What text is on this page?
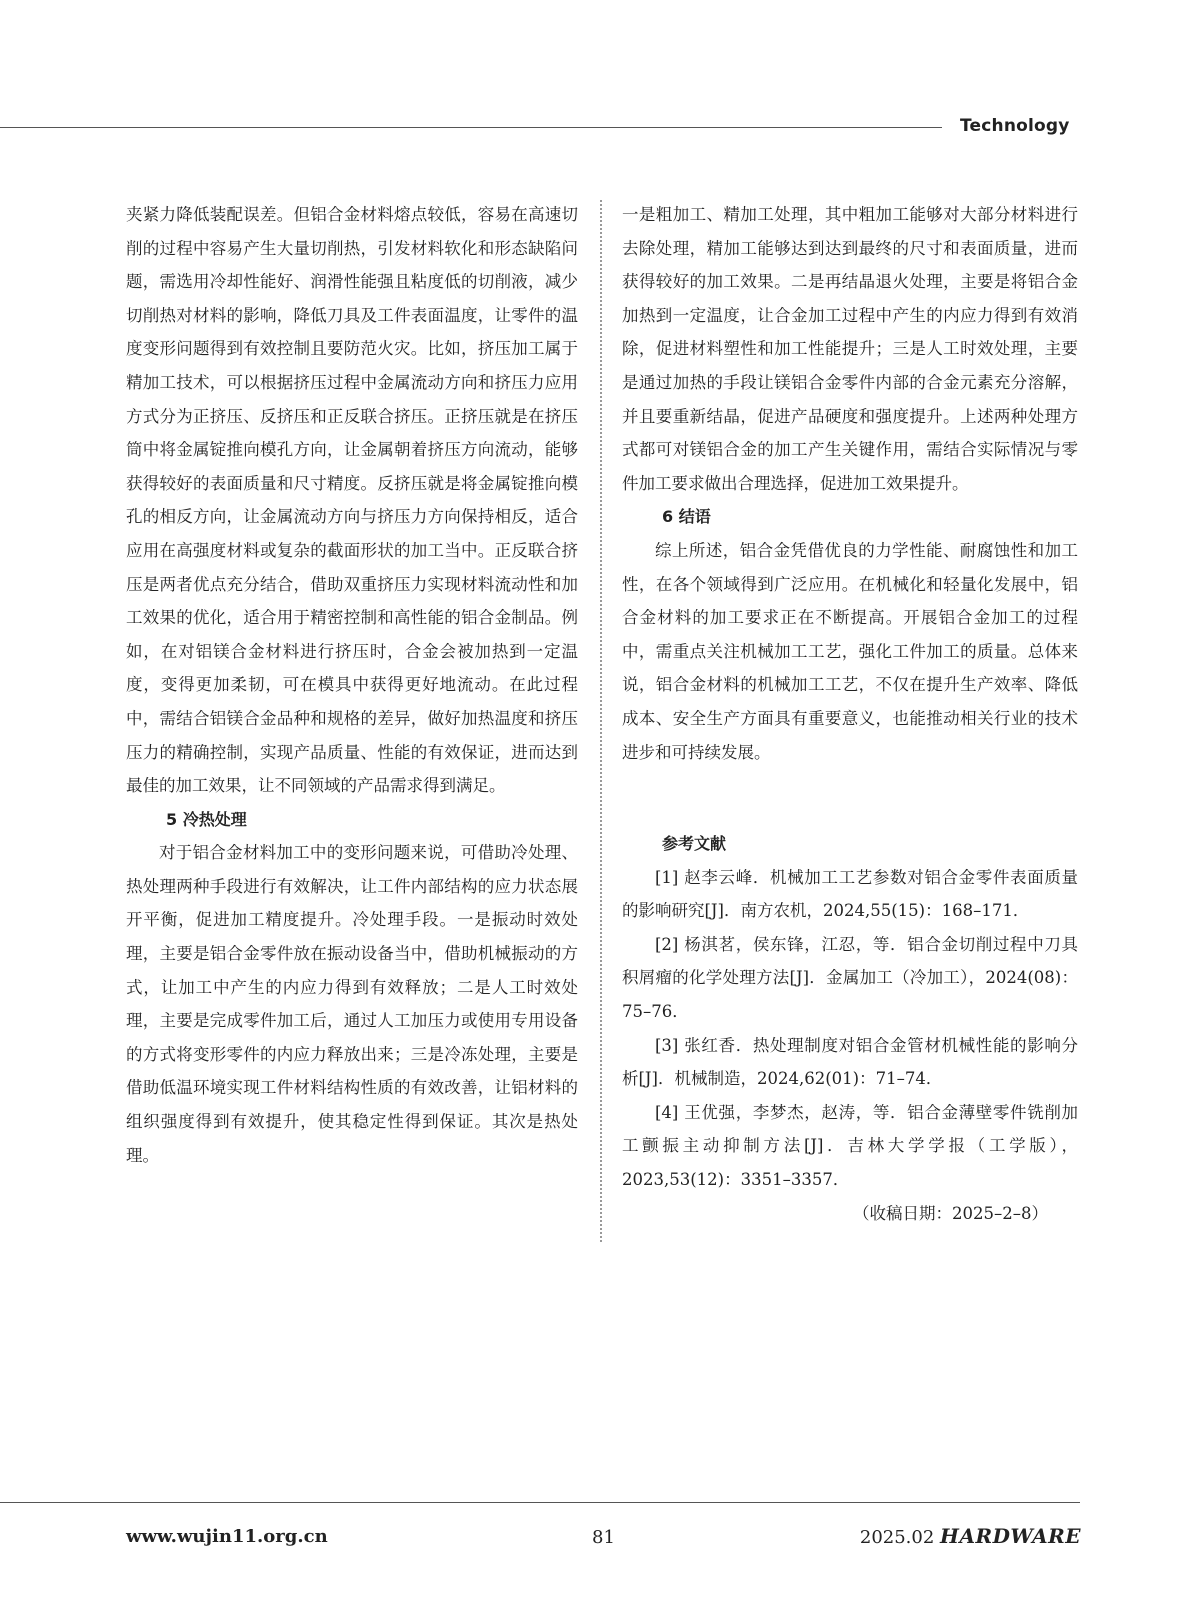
Technology

夹紧力降低装配误差。但铝合金材料熔点较低，容易在高速切削的过程中容易产生大量切削热，引发材料软化和形态缺陷问题，需选用冷却性能好、润滑性能强且粘度低的切削液，减少切削热对材料的影响，降低刀具及工件表面温度，让零件的温度变形问题得到有效控制且要防范火灾。比如，挤压加工属于精加工技术，可以根据挤压过程中金属流动方向和挤压力应用方式分为正挤压、反挤压和正反联合挤压。正挤压就是在挤压筒中将金属锭推向模孔方向，让金属朝着挤压方向流动，能够获得较好的表面质量和尺寸精度。反挤压就是将金属锭推向模孔的相反方向，让金属流动方向与挤压力方向保持相反，适合应用在高强度材料或复杂的截面形状的加工当中。正反联合挤压是两者优点充分结合，借助双重挤压力实现材料流动性和加工效果的优化，适合用于精密控制和高性能的铝合金制品。例如，在对铝镁合金材料进行挤压时，合金会被加热到一定温度，变得更加柔韧，可在模具中获得更好地流动。在此过程中，需结合铝镁合金品种和规格的差异，做好加热温度和挤压压力的精确控制，实现产品质量、性能的有效保证，进而达到最佳的加工效果，让不同领域的产品需求得到满足。

5 冷热处理

对于铝合金材料加工中的变形问题来说，可借助冷处理、热处理两种手段进行有效解决，让工件内部结构的应力状态展开平衡，促进加工精度提升。冷处理手段。一是振动时效处理，主要是铝合金零件放在振动设备当中，借助机械振动的方式，让加工中产生的内应力得到有效释放；二是人工时效处理，主要是完成零件加工后，通过人工加压力或使用专用设备的方式将变形零件的内应力释放出来；三是冷冻处理，主要是借助低温环境实现工件材料结构性质的有效改善，让铝材料的组织强度得到有效提升，使其稳定性得到保证。其次是热处理。

一是粗加工、精加工处理，其中粗加工能够对大部分材料进行去除处理，精加工能够达到达到最终的尺寸和表面质量，进而获得较好的加工效果。二是再结晶退火处理，主要是将铝合金加热到一定温度，让合金加工过程中产生的内应力得到有效消除，促进材料塑性和加工性能提升；三是人工时效处理，主要是通过加热的手段让镁铝合金零件内部的合金元素充分溶解，并且要重新结晶，促进产品硬度和强度提升。上述两种处理方式都可对镁铝合金的加工产生关键作用，需结合实际情况与零件加工要求做出合理选择，促进加工效果提升。

6 结语

综上所述，铝合金凭借优良的力学性能、耐腐蚀性和加工性，在各个领域得到广泛应用。在机械化和轻量化发展中，铝合金材料的加工要求正在不断提高。开展铝合金加工的过程中，需重点关注机械加工工艺，强化工件加工的质量。总体来说，铝合金材料的机械加工工艺，不仅在提升生产效率、降低成本、安全生产方面具有重要意义，也能推动相关行业的技术进步和可持续发展。

参考文献

[1] 赵李云峰．机械加工工艺参数对铝合金零件表面质量的影响研究[J]．南方农机，2024,55(15)：168–171．

[2] 杨淇茗，侯东锋，江忍，等．铝合金切削过程中刀具积屑瘤的化学处理方法[J]．金属加工（冷加工），2024(08)：75–76．

[3] 张红香．热处理制度对铝合金管材机械性能的影响分析[J]．机械制造，2024,62(01)：71–74．

[4] 王优强，李梦杰，赵涛，等．铝合金薄壁零件铣削加工颤振主动抑制方法[J]．吉林大学学报（工学版），2023,53(12)：3351–3357．

（收稿日期：2025–2–8）

www.wujin11.org.cn	81	2025.02 HARDWARE
